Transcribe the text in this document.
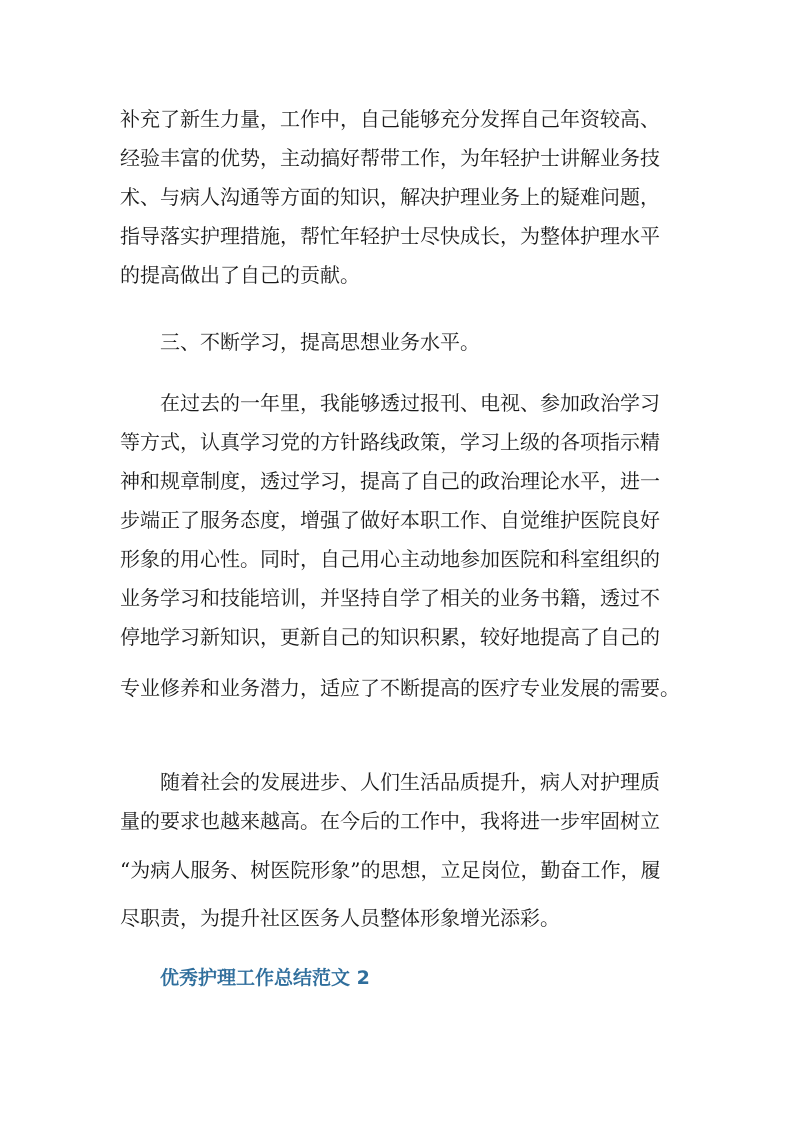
补充了新生力量，工作中，自己能够充分发挥自己年资较高、
经验丰富的优势，主动搞好帮带工作，为年轻护士讲解业务技
术、与病人沟通等方面的知识，解决护理业务上的疑难问题，
指导落实护理措施，帮忙年轻护士尽快成长，为整体护理水平
的提高做出了自己的贡献。
三、不断学习，提高思想业务水平。
在过去的一年里，我能够透过报刊、电视、参加政治学习
等方式，认真学习党的方针路线政策，学习上级的各项指示精
神和规章制度，透过学习，提高了自己的政治理论水平，进一
步端正了服务态度，增强了做好本职工作、自觉维护医院良好
形象的用心性。同时，自己用心主动地参加医院和科室组织的
业务学习和技能培训，并坚持自学了相关的业务书籍，透过不
停地学习新知识，更新自己的知识积累，较好地提高了自己的
专业修养和业务潜力，适应了不断提高的医疗专业发展的需要。
随着社会的发展进步、人们生活品质提升，病人对护理质
量的要求也越来越高。在今后的工作中，我将进一步牢固树立
“为病人服务、树医院形象”的思想，立足岗位，勤奋工作，履
尽职责，为提升社区医务人员整体形象增光添彩。
优秀护理工作总结范文 2
